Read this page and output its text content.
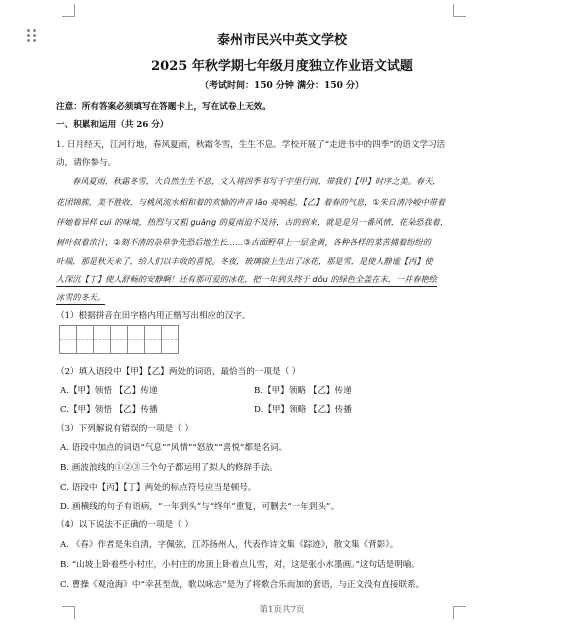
泰州市民兴中英文学校
2025 年秋学期七年级月度独立作业语文试题
（考试时间：150 分钟 满分：150 分）
注意：所有答案必须填写在答题卡上，写在试卷上无效。
一、积累和运用（共 26 分）
1. 日月经天，江河行地，春风夏雨，秋霜冬雪，生生不息。学校开展了“走进书中的四季”的语文学习活
动，请你参与。
春风夏雨，秋霜冬雪，大自然生生不息，文人将四季书写于字里行间，带我们【甲】时序之美。春天，
花团锦簇，美不胜收，与桃风流水相和着的欢愉的声音 lǎo 亮响起，【乙】着春的气息，①朱自清冷峻中带着
伴她着异样 cuì 的味境，热烈与又粗 guǎng 的夏雨迫不及待，古的到来，就是是另一番风情，花朵恐我着，
树叶叔着浓汁，②刻不清的杂草争先恐后地生长……③古面野草上一层金黄，各种各样的菜苦捕着纷纷的
叶端，那是秋天来了，给人们以丰收的喜悦。冬夜，玻璃窗上生出了冰花，那是雪，是使人静谧【丙】使
人深沉【丁】使人舒畅的安静啊！还有那可爱的冰花，把一年到头终于 dǒu 的绿色全盖在末，一并春艳绘
冰雪的冬天。
（1）根据拼音在田字格内用正楷写出相应的汉字。
（2）填入语段中【甲】【乙】两处的词语，最恰当的一项是（ ）
A.【甲】领悟 【乙】传递	B.【甲】领略 【乙】传递
C.【甲】领悟 【乙】传播	D.【甲】领略 【乙】传播
（3）下列解说有错误的一项是（ ）
A. 语段中加点的词语“气息”“风情”“怒放”“喜悦”都是名词。
B. 画波浪线的①②③三个句子都运用了拟人的修辞手法。
C. 语段中【丙】【丁】两处的标点符号应当是顿号。
D. 画横线的句子有语病，“一年到头”与“终年”重复，可删去“一年到头”。
（4）以下说法不正确的一项是（ ）
A. 《春》作者是朱自清，字佩弦，江苏扬州人，代表作诗文集《踪迹》，散文集《背影》。
B. “山坡上卧着些小村庄，小村庄的房顶上卧着点儿雪，对，这是张小水墨画。”这句话是明喻。
C. 曹操《观沧海》中“幸甚至哉，歌以咏志”是为了将歌合乐而加的套语，与正文没有直接联系。
第1页共7页
